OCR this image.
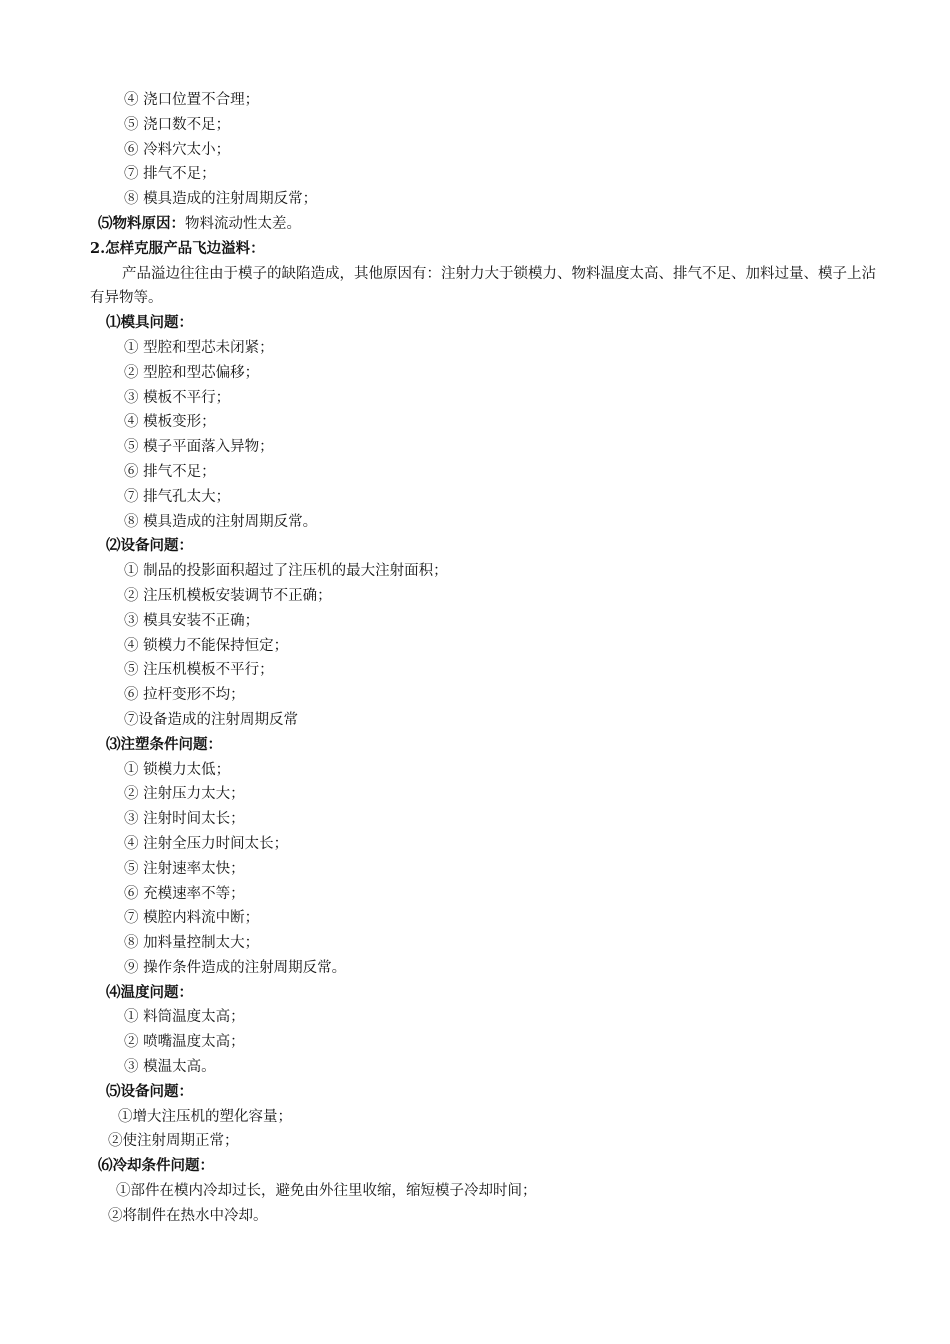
④ 浇口位置不合理；
⑤ 浇口数不足；
⑥ 冷料穴太小；
⑦ 排气不足；
⑧ 模具造成的注射周期反常；
⑸物料原因：物料流动性太差。
2.怎样克服产品飞边溢料：
产品溢边往往由于模子的缺陷造成，其他原因有：注射力大于锁模力、物料温度太高、排气不足、加料过量、模子上沾有异物等。
⑴模具问题：
① 型腔和型芯未闭紧；
② 型腔和型芯偏移；
③ 模板不平行；
④ 模板变形；
⑤ 模子平面落入异物；
⑥ 排气不足；
⑦ 排气孔太大；
⑧ 模具造成的注射周期反常。
⑵设备问题：
① 制品的投影面积超过了注压机的最大注射面积；
② 注压机模板安装调节不正确；
③ 模具安装不正确；
④ 锁模力不能保持恒定；
⑤ 注压机模板不平行；
⑥ 拉杆变形不均；
⑦设备造成的注射周期反常
⑶注塑条件问题：
① 锁模力太低；
② 注射压力太大；
③ 注射时间太长；
④ 注射全压力时间太长；
⑤ 注射速率太快；
⑥ 充模速率不等；
⑦ 模腔内料流中断；
⑧ 加料量控制太大；
⑨ 操作条件造成的注射周期反常。
⑷温度问题：
① 料筒温度太高；
② 喷嘴温度太高；
③ 模温太高。
⑸设备问题：
①增大注压机的塑化容量；
②使注射周期正常；
⑹冷却条件问题：
①部件在模内冷却过长，避免由外往里收缩，缩短模子冷却时间；
②将制件在热水中冷却。
